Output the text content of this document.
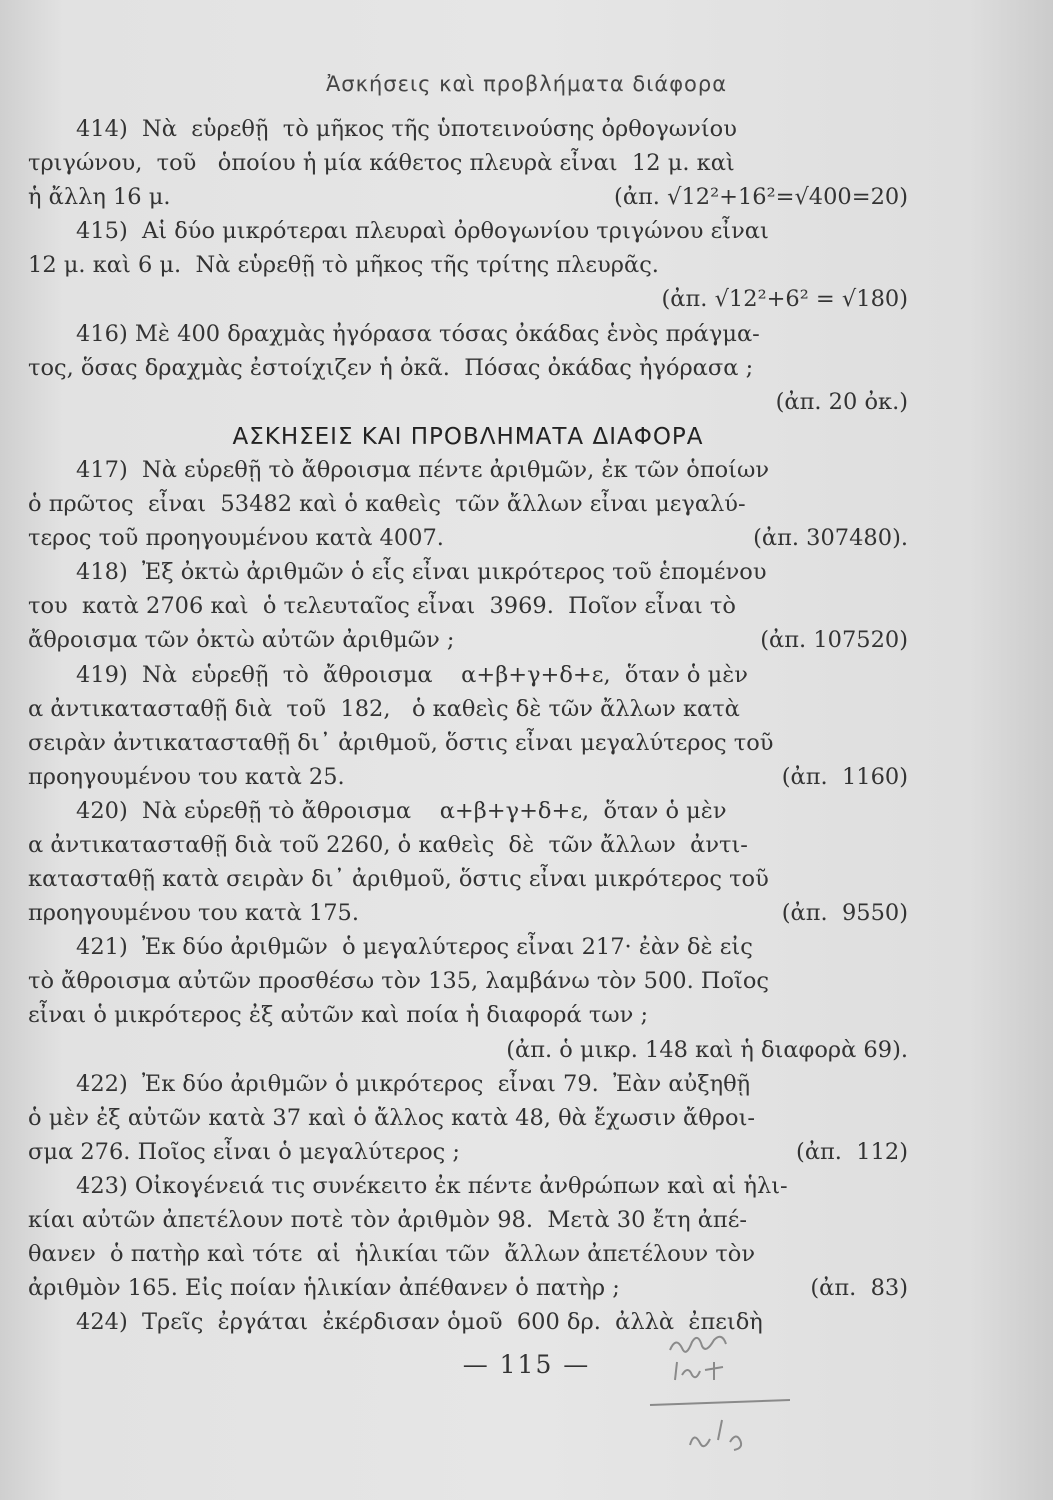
Ἀσκήσεις καὶ προβλήματα διάφορα
414)  Νὰ  εὑρεθῇ  τὸ μῆκος τῆς ὑποτεινούσης ὀρθογωνίου
τριγώνου,  τοῦ   ὁποίου ἡ μία κάθετος πλευρὰ εἶναι  12 μ. καὶ
ἡ ἄλλη 16 μ.	(ἀπ. √12²+16²=√400=20)
415)  Αἱ δύο μικρότεραι πλευραὶ ὀρθογωνίου τριγώνου εἶναι
12 μ. καὶ 6 μ.  Νὰ εὑρεθῇ τὸ μῆκος τῆς τρίτης πλευρᾶς.
(ἀπ. √12²+6² = √180)
416) Μὲ 400 δραχμὰς ἠγόρασα τόσας ὀκάδας ἑνὸς πράγμα-
τος, ὅσας δραχμὰς ἐστοίχιζεν ἡ ὀκᾶ.  Πόσας ὀκάδας ἠγόρασα ;
(ἀπ. 20 ὀκ.)
ΑΣΚΗΣΕΙΣ ΚΑΙ ΠΡΟΒΛΗΜΑΤΑ ΔΙΑΦΟΡΑ
417)  Νὰ εὑρεθῇ τὸ ἄθροισμα πέντε ἀριθμῶν, ἐκ τῶν ὁποίων
ὁ πρῶτος  εἶναι  53482 καὶ ὁ καθεὶς  τῶν ἄλλων εἶναι μεγαλύ-
τερος τοῦ προηγουμένου κατὰ 4007.	(ἀπ. 307480).
418)  Ἐξ ὀκτὼ ἀριθμῶν ὁ εἷς εἶναι μικρότερος τοῦ ἑπομένου
του  κατὰ 2706 καὶ  ὁ τελευταῖος εἶναι  3969.  Ποῖον εἶναι τὸ
ἄθροισμα τῶν ὀκτὼ αὐτῶν ἀριθμῶν ;	(ἀπ. 107520)
419)  Νὰ  εὑρεθῇ  τὸ  ἄθροισμα    α+β+γ+δ+ε,  ὅταν ὁ μὲν
α ἀντικατασταθῇ διὰ  τοῦ  182,   ὁ καθεὶς δὲ τῶν ἄλλων κατὰ
σειρὰν ἀντικατασταθῇ δι᾽ ἀριθμοῦ, ὅστις εἶναι μεγαλύτερος τοῦ
προηγουμένου του κατὰ 25.	(ἀπ.  1160)
420)  Νὰ εὑρεθῇ τὸ ἄθροισμα    α+β+γ+δ+ε,  ὅταν ὁ μὲν
α ἀντικατασταθῇ διὰ τοῦ 2260, ὁ καθεὶς  δὲ  τῶν ἄλλων  ἀντι-
κατασταθῇ κατὰ σειρὰν δι᾽ ἀριθμοῦ, ὅστις εἶναι μικρότερος τοῦ
προηγουμένου του κατὰ 175.	(ἀπ.  9550)
421)  Ἐκ δύο ἀριθμῶν  ὁ μεγαλύτερος εἶναι 217· ἐὰν δὲ εἰς
τὸ ἄθροισμα αὐτῶν προσθέσω τὸν 135, λαμβάνω τὸν 500. Ποῖος
εἶναι ὁ μικρότερος ἐξ αὐτῶν καὶ ποία ἡ διαφορά των ;
(ἀπ. ὁ μικρ. 148 καὶ ἡ διαφορὰ 69).
422)  Ἐκ δύο ἀριθμῶν ὁ μικρότερος  εἶναι 79.  Ἐὰν αὐξηθῇ
ὁ μὲν ἐξ αὐτῶν κατὰ 37 καὶ ὁ ἄλλος κατὰ 48, θὰ ἔχωσιν ἄθροι-
σμα 276. Ποῖος εἶναι ὁ μεγαλύτερος ;	(ἀπ.  112)
423) Οἰκογένειά τις συνέκειτο ἐκ πέντε ἀνθρώπων καὶ αἱ ἡλι-
κίαι αὐτῶν ἀπετέλουν ποτὲ τὸν ἀριθμὸν 98.  Μετὰ 30 ἔτη ἀπέ-
θανεν  ὁ πατὴρ καὶ τότε  αἱ  ἡλικίαι τῶν  ἄλλων ἀπετέλουν τὸν
ἀριθμὸν 165. Εἰς ποίαν ἡλικίαν ἀπέθανεν ὁ πατὴρ ;	(ἀπ.  83)
424)  Τρεῖς  ἐργάται  ἐκέρδισαν ὁμοῦ  600 δρ.  ἀλλὰ  ἐπειδὴ
— 115 —
